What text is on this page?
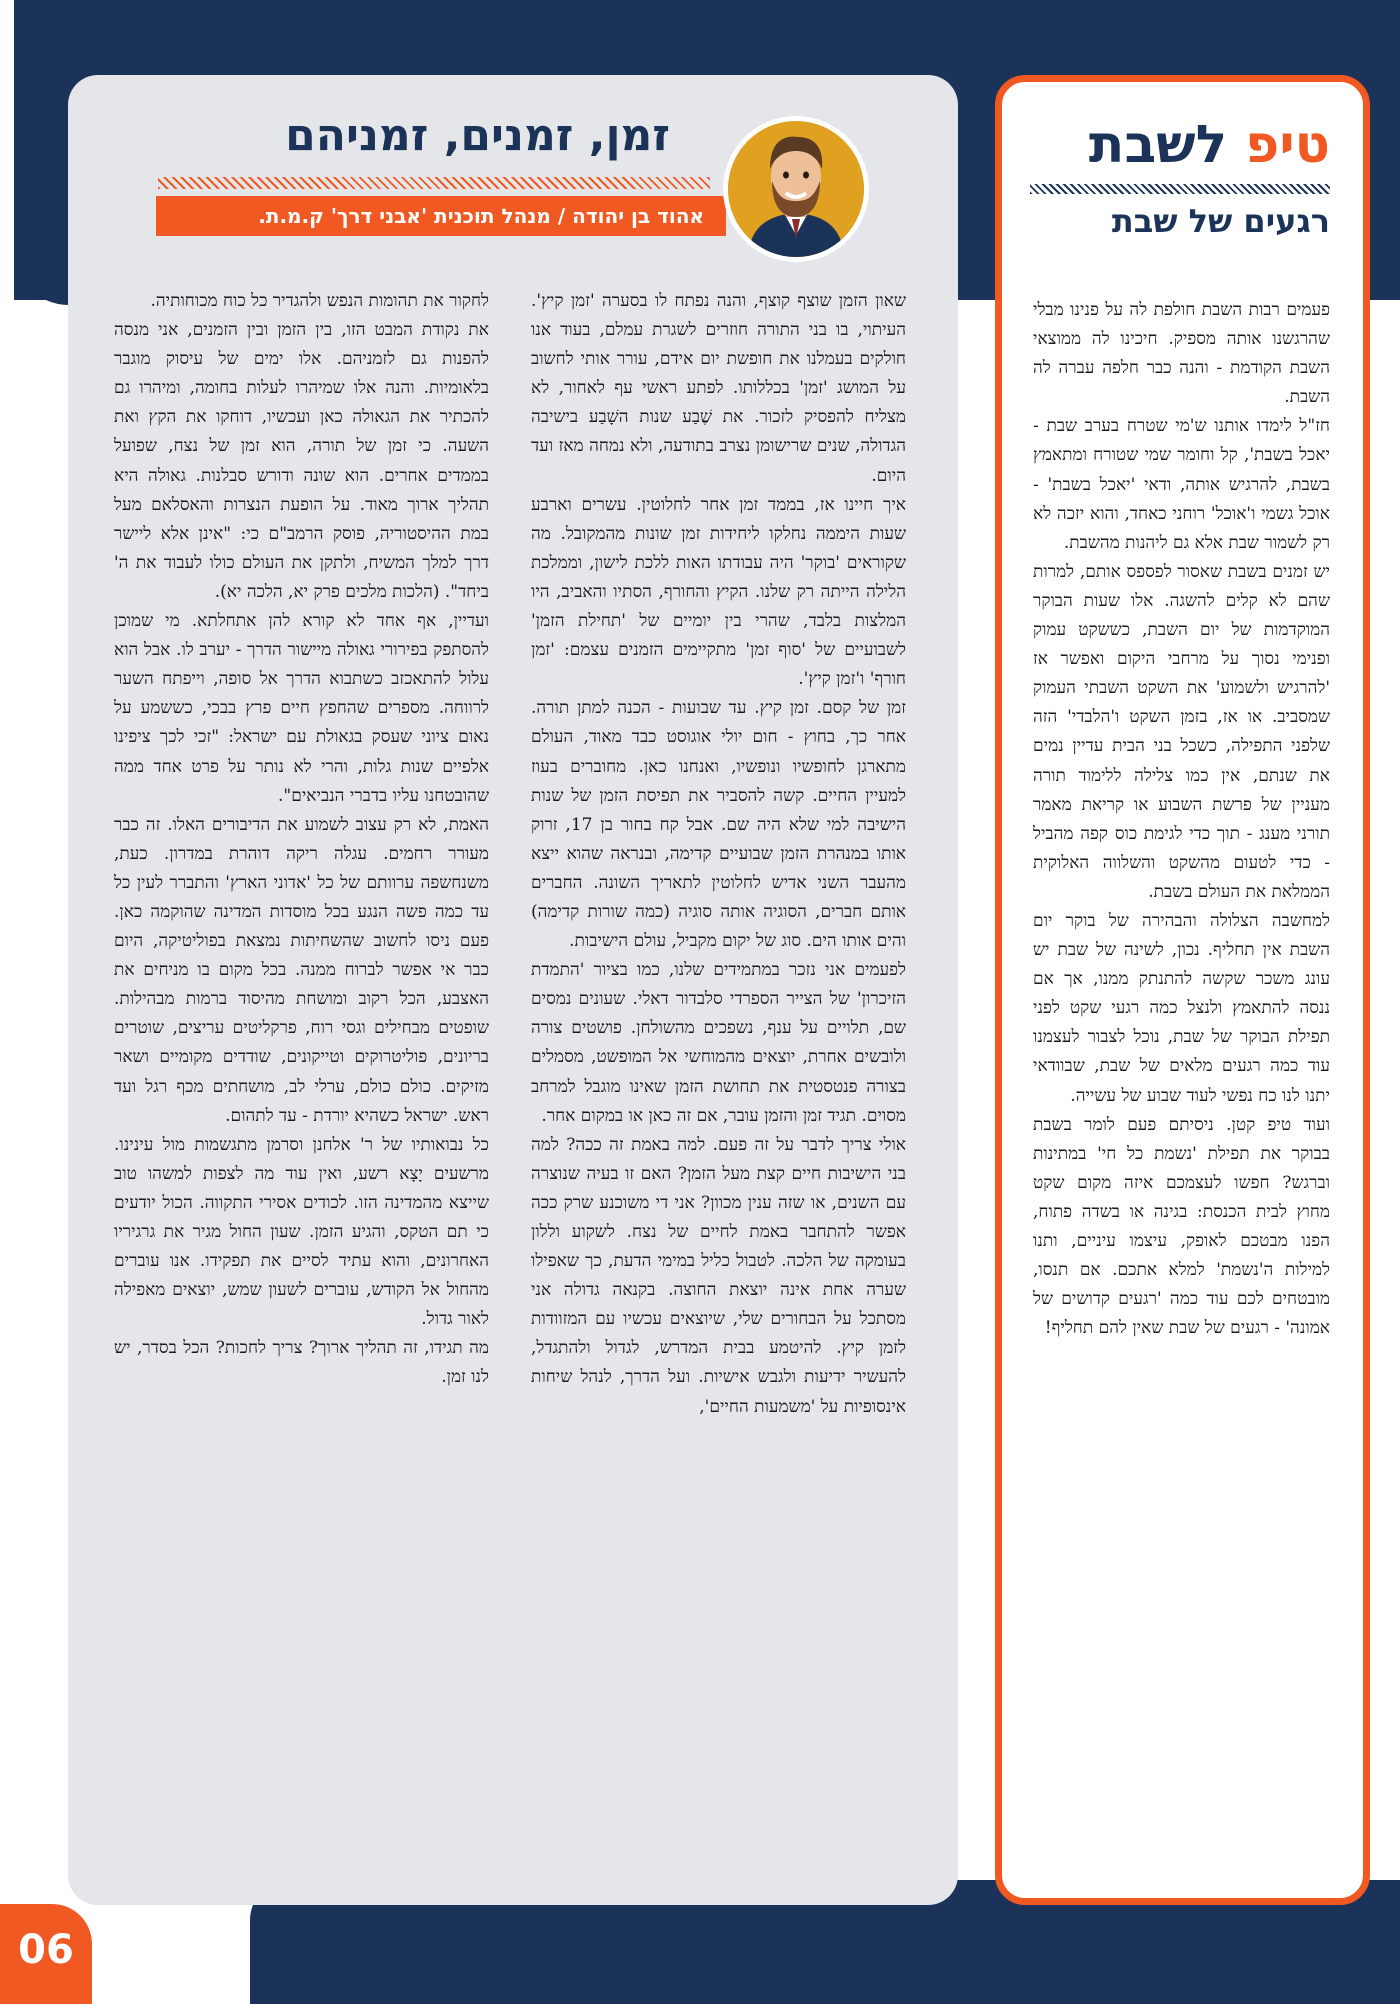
06
זמן, זמנים, זמניהם
אהוד בן יהודה / מנהל תוכנית 'אבני דרך' ק.מ.ת.

שאון הזמן שוצף קוצף, והנה נפתח לו בסערה 'זמן קיץ'. העיתוי, בו בני התורה חוזרים לשגרת עמלם, בעוד אנו חולקים בעמלנו את חופשת יום אידם, עורר אותי לחשוב על המושג 'זמן' בכללותו. לפתע ראשי עף לאחור, לא מצליח להפסיק לזכור. את שֶׁבַע שנות השָׁבַע בישיבה הגדולה, שנים שרישומן נצרב בתודעה, ולא נמחה מאז ועד היום.

איך חיינו אז, בממד זמן אחר לחלוטין. עשרים וארבע שעות היממה נחלקו ליחידות זמן שונות מהמקובל. מה שקוראים 'בוקר' היה עבודתו האות ללכת לישון, וממלכת הלילה הייתה רק שלנו. הקיץ והחורף, הסתיו והאביב, היו המלצות בלבד, שהרי בין יומיים של 'תחילת הזמן' לשבועיים של 'סוף זמן' מתקיימים הזמנים עצמם: 'זמן חורף' ו'זמן קיץ'.

זמן של קסם. זמן קיץ. עד שבועות - הכנה למתן תורה. אחר כך, בחוץ - חום יולי אוגוסט כבד מאוד, העולם מתארגן לחופשיו ונופשיו, ואנחנו כאן. מחוברים בעוז למעיין החיים. קשה להסביר את תפיסת הזמן של שנות הישיבה למי שלא היה שם. אבל קח בחור בן 17, זרוק אותו במנהרת הזמן שבועיים קדימה, ובנראה שהוא ייצא מהעבר השני אדיש לחלוטין לתאריך השונה. החברים אותם חברים, הסוגיה אותה סוגיה (כמה שורות קדימה) והים אותו הים. סוג של יקום מקביל, עולם הישיבות.

לפעמים אני נזכר במתמידים שלנו, כמו בציור 'התמדת הזיכרון' של הצייר הספרדי סלבדור דאלי. שעונים נמסים שם, תלויים על ענף, נשפכים מהשולחן. פושטים צורה ולובשים אחרת, יוצאים מהמוחשי אל המופשט, מסמלים בצורה פנטסטית את תחושת הזמן שאינו מוגבל למרחב מסוים. תגיד זמן והזמן עובר, אם זה כאן או במקום אחר.

אולי צריך לדבר על זה פעם. למה באמת זה ככה? למה בני הישיבות חיים קצת מעל הזמן? האם זו בעיה שנוצרה עם השנים, או שזה ענין מכוון? אני די משוכנע שרק ככה אפשר להתחבר באמת לחיים של נצח. לשקוע וללון בעומקה של הלכה. לטבול כליל במימי הדעת, כך שאפילו שערה אחת אינה יוצאת החוצה. בקנאה גדולה אני מסתכל על הבחורים שלי, שיוצאים עכשיו עם המזוודות לזמן קיץ. להיטמע בבית המדרש, לגדול ולהתגדל, להעשיר ידיעות ולגבש אישיות. ועל הדרך, לנהל שיחות אינסופיות על 'משמעות החיים',

לחקור את תהומות הנפש ולהגדיר כל כוח מכוחותיה.

את נקודת המבט הזו, בין הזמן ובין הזמנים, אני מנסה להפנות גם לזמניהם. אלו ימים של עיסוק מוגבר בלאומיות. והנה אלו שמיהרו לעלות בחומה, ומיהרו גם להכתיר את הגאולה כאן ועכשיו, דוחקו את הקץ ואת השעה. כי זמן של תורה, הוא זמן של נצח, שפועל בממדים אחרים. הוא שונה ודורש סבלנות. גאולה היא תהליך ארוך מאוד. על הופעת הנצרות והאסלאם מעל במת ההיסטוריה, פוסק הרמב"ם כי: "אינן אלא ליישר דרך למלך המשיח, ולתקן את העולם כולו לעבוד את ה' ביחד". (הלכות מלכים פרק יא, הלכה יא).

ועדיין, אף אחד לא קורא להן אתחלתא. מי שמוכן להסתפק בפירורי גאולה מיישור הדרך - יערב לו. אבל הוא עלול להתאכזב כשתבוא הדרך אל סופה, וייפתח השער לרווחה. מספרים שהחפץ חיים פרץ בבכי, כששמע על נאום ציוני שעסק בגאולת עם ישראל: "זכי לכך ציפינו אלפיים שנות גלות, והרי לא נותר על פרט אחד ממה שהובטחנו עליו בדברי הנביאים".

האמת, לא רק עצוב לשמוע את הדיבורים האלו. זה כבר מעורר רחמים. עגלה ריקה דוהרת במדרון. כעת, משנחשפה ערוותם של כל 'אדוני הארץ' והתברר לעין כל עד כמה פשה הנגע בכל מוסדות המדינה שהוקמה כאן. פעם ניסו לחשוב שהשחיתות נמצאת בפוליטיקה, היום כבר אי אפשר לברוח ממנה. בכל מקום בו מניחים את האצבע, הכל רקוב ומושחת מהיסוד ברמות מבהילות. שופטים מבחילים וגסי רוח, פרקליטים עריצים, שוטרים בריונים, פוליטרוקים וטייקונים, שודדים מקומיים ושאר מזיקים. כולם כולם, ערלי לב, מושחתים מכף רגל ועד ראש. ישראל כשהיא יורדת - עד לתהום.

כל נבואותיו של ר' אלחנן וסרמן מתגשמות מול עינינו. מרשעים יָצָא רשע, ואין עוד מה לצפות למשהו טוב שייצא מהמדינה הזו. לכודים אסירי התקווה. הכול יודעים כי תם הטקס, והגיע הזמן. שעון החול מגיר את גרגיריו האחרונים, והוא עתיד לסיים את תפקידו. אנו עוברים מהחול אל הקודש, עוברים לשעון שמש, יוצאים מאפילה לאור גדול.

מה תגידו, זה תהליך ארוך? צריך לחכות? הכל בסדר, יש לנו זמן.

טיפ לשבת
רגעים של שבת

פעמים רבות השבת חולפת לה על פנינו מבלי שהרגשנו אותה מספיק. חיכינו לה ממוצאי השבת הקודמת - והנה כבר חלפה עברה לה השבת.

חז"ל לימדו אותנו ש'מי שטרח בערב שבת - יאכל בשבת', קל וחומר שמי שטורח ומתאמץ בשבת, להרגיש אותה, ודאי 'יאכל בשבת' - אוכל גשמי ו'אוכל' רוחני כאחד, והוא יזכה לא רק לשמור שבת אלא גם ליהנות מהשבת.

יש זמנים בשבת שאסור לפספס אותם, למרות שהם לא קלים להשגה. אלו שעות הבוקר המוקדמות של יום השבת, כששקט עמוק ופנימי נסוך על מרחבי היקום ואפשר אז 'להרגיש ולשמוע' את השקט השבתי העמוק שמסביב. או אז, בזמן השקט ו'הלבדי' הזה שלפני התפילה, כשכל בני הבית עדיין נמים את שנתם, אין כמו צלילה ללימוד תורה מעניין של פרשת השבוע או קריאת מאמר תורני מענג - תוך כדי לגימת כוס קפה מהביל - כדי לטעום מהשקט והשלווה האלוקית הממלאת את העולם בשבת.

למחשבה הצלולה והבהירה של בוקר יום השבת אין תחליף. נכון, לשינה של שבת יש עונג משכר שקשה להתנתק ממנו, אך אם ננסה להתאמץ ולנצל כמה רגעי שקט לפני תפילת הבוקר של שבת, נוכל לצבור לעצמנו עוד כמה רגעים מלאים של שבת, שבוודאי יתנו לנו כח נפשי לעוד שבוע של עשייה.

ועוד טיפ קטן. ניסיתם פעם לומר בשבת בבוקר את תפילת 'נשמת כל חי' במתינות וברגש? חפשו לעצמכם איזה מקום שקט מחוץ לבית הכנסת: בגינה או בשדה פתוח, הפנו מבטכם לאופק, עיצמו עיניים, ותנו למילות ה'נשמת' למלא אתכם. אם תנסו, מובטחים לכם עוד כמה 'רגעים קדושים של אמונה' - רגעים של שבת שאין להם תחליף!
